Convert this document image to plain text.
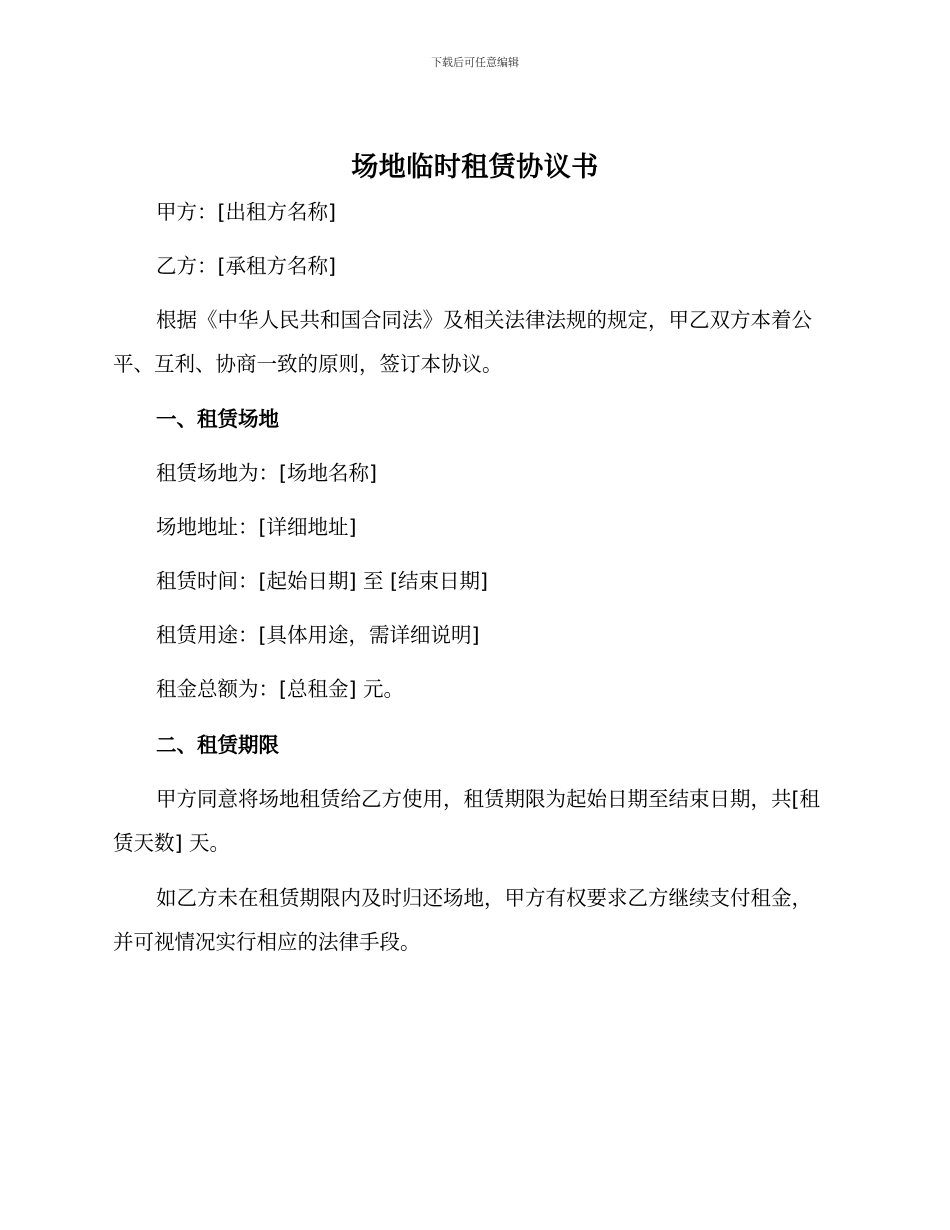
下载后可任意编辑
场地临时租赁协议书
甲方：[出租方名称]
乙方：[承租方名称]
根据《中华人民共和国合同法》及相关法律法规的规定，甲乙双方本着公平、互利、协商一致的原则，签订本协议。
一、租赁场地
租赁场地为：[场地名称]
场地地址：[详细地址]
租赁时间：[起始日期] 至 [结束日期]
租赁用途：[具体用途，需详细说明]
租金总额为：[总租金] 元。
二、租赁期限
甲方同意将场地租赁给乙方使用，租赁期限为起始日期至结束日期，共[租赁天数] 天。
如乙方未在租赁期限内及时归还场地，甲方有权要求乙方继续支付租金，并可视情况实行相应的法律手段。
